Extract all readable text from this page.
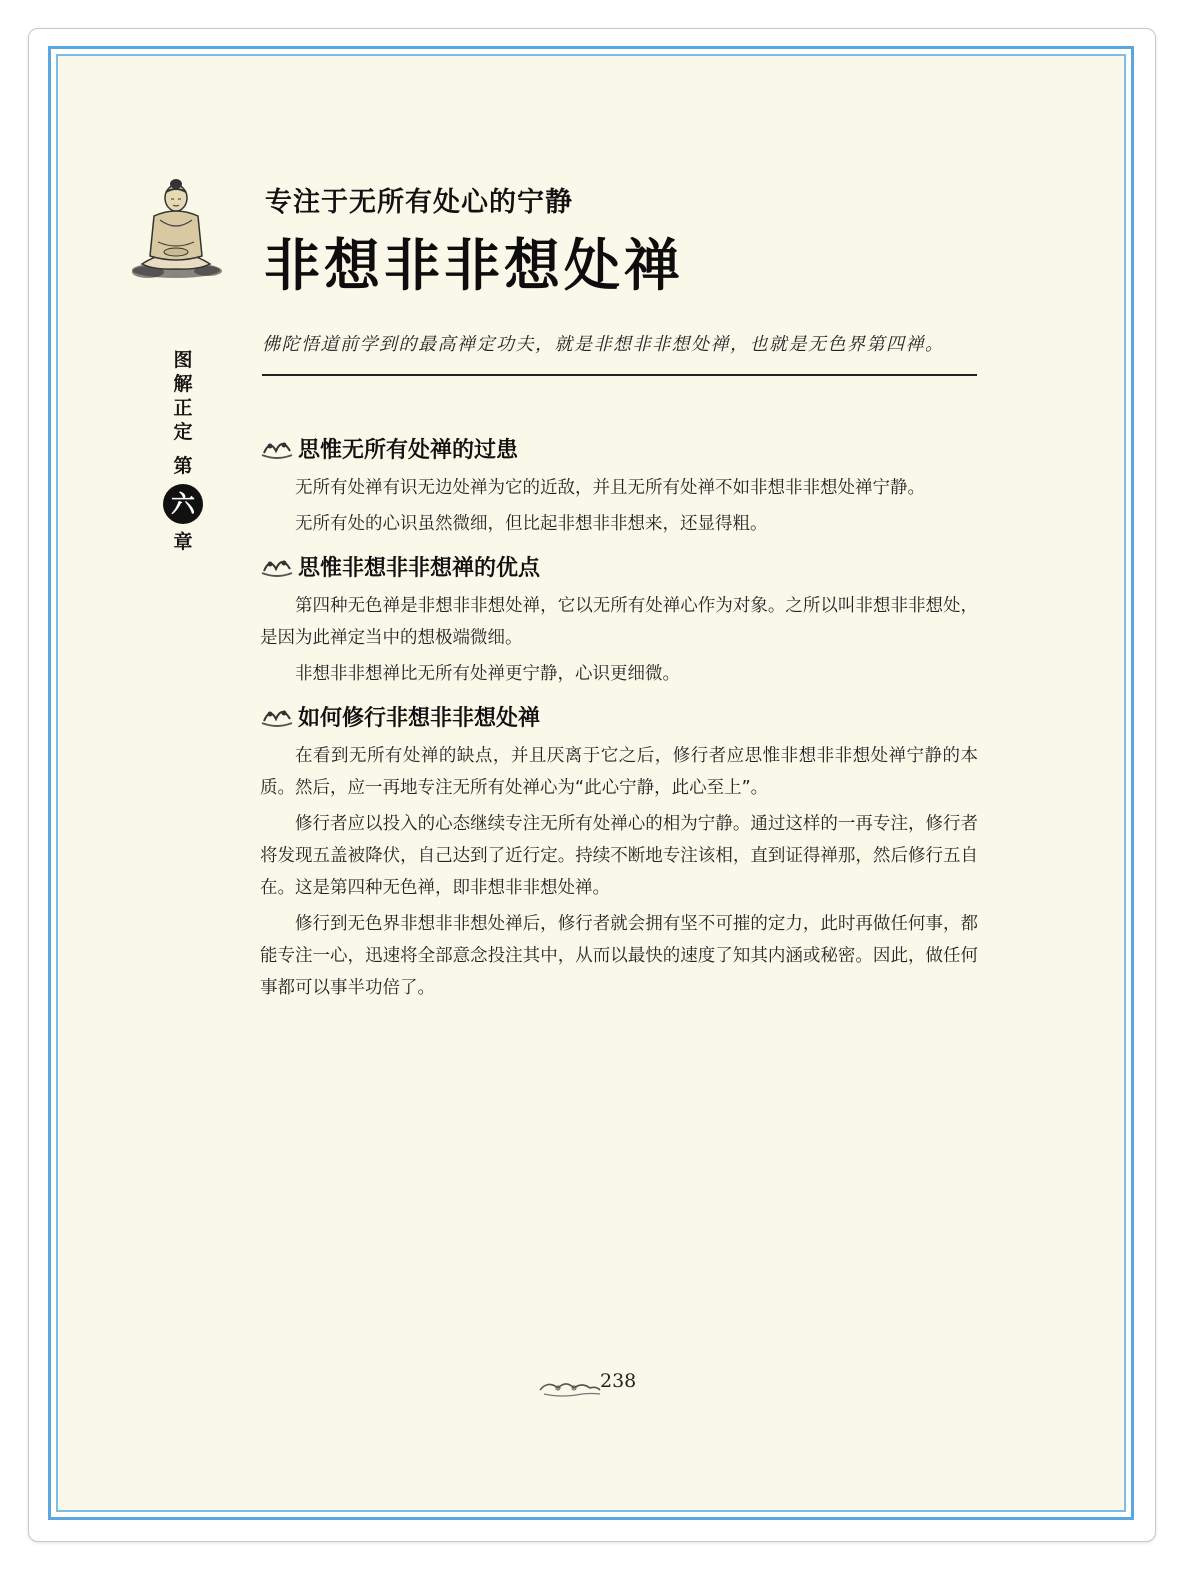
专注于无所有处心的宁静
非想非非想处禅
佛陀悟道前学到的最高禅定功夫，就是非想非非想处禅，也就是无色界第四禅。
图
解
正
定
第
六
章
思惟无所有处禅的过患

无所有处禅有识无边处禅为它的近敌，并且无所有处禅不如非想非非想处禅宁静。

无所有处的心识虽然微细，但比起非想非非想来，还显得粗。

思惟非想非非想禅的优点

第四种无色禅是非想非非想处禅，它以无所有处禅心作为对象。之所以叫非想非非想处，是因为此禅定当中的想极端微细。

非想非非想禅比无所有处禅更宁静，心识更细微。

如何修行非想非非想处禅

在看到无所有处禅的缺点，并且厌离于它之后，修行者应思惟非想非非想处禅宁静的本质。然后，应一再地专注无所有处禅心为“此心宁静，此心至上”。

修行者应以投入的心态继续专注无所有处禅心的相为宁静。通过这样的一再专注，修行者将发现五盖被降伏，自己达到了近行定。持续不断地专注该相，直到证得禅那，然后修行五自在。这是第四种无色禅，即非想非非想处禅。

修行到无色界非想非非想处禅后，修行者就会拥有坚不可摧的定力，此时再做任何事，都能专注一心，迅速将全部意念投注其中，从而以最快的速度了知其内涵或秘密。因此，做任何事都可以事半功倍了。

238
